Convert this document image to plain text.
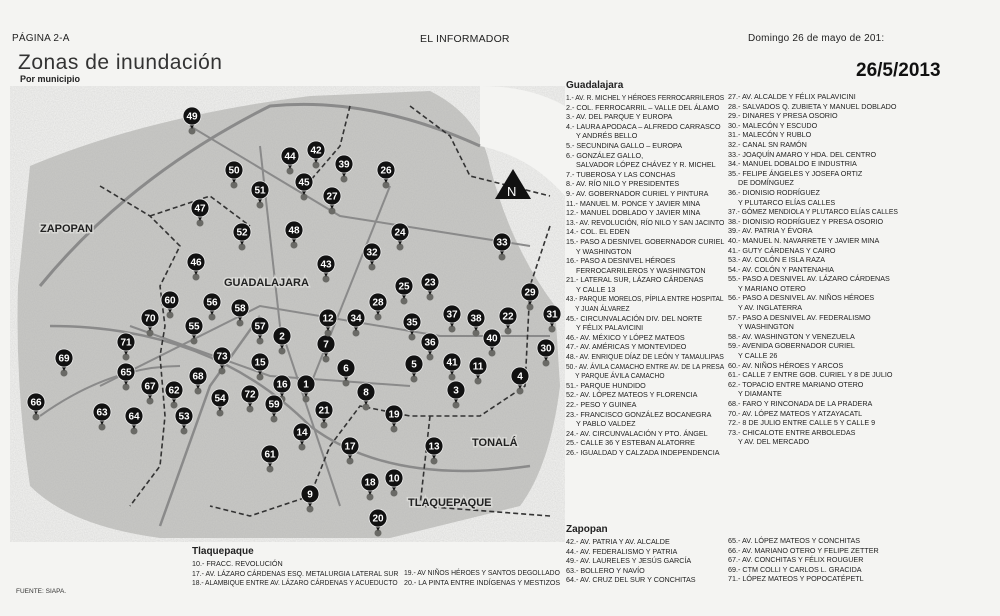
PÁGINA 2-A	EL INFORMADOR	Domingo 26 de mayo de 201:
Zonas de inundación
Por municipio	26/5/2013
ZAPOPAN
GUADALAJARA
TONALÁ
TLAQUEPAQUE
N
1
2
3
4
5
6
7
8
9
10
11
12
13
14
15
16
17
18
19
20
21
22
23
24
25
26
27
28
29
30
31
32
33
34	35
36
37 38
39
40
41
42
43
44
45
46
47
48
49
50
51
52
53
54
55
56
57
58
59
60
61
62
63 64
65
66
67
68
69
70
71
72
73
Guadalajara
1.- AV. R. MICHEL Y HÉROES FERROCARRILEROS
2.- COL. FERROCARRIL – VALLE DEL ÁLAMO
3.- AV. DEL PARQUE Y EUROPA
4.- LAURA APODACA – ALFREDO CARRASCO
Y ANDRÉS BELLO
5.- SECUNDINA GALLO – EUROPA
6.- GONZÁLEZ GALLO,
SALVADOR LÓPEZ CHÁVEZ Y R. MICHEL
7.- TUBEROSA Y LAS CONCHAS
8.- AV. RÍO NILO Y PRESIDENTES
9.- AV. GOBERNADOR CURIEL Y PINTURA
11.- MANUEL M. PONCE Y JAVIER MINA
12.- MANUEL DOBLADO Y JAVIER MINA
13.- AV. REVOLUCIÓN, RÍO NILO Y SAN JACINTO
14.- COL. EL EDEN
15.- PASO A DESNIVEL GOBERNADOR CURIEL
Y WASHINGTON
16.- PASO A DESNIVEL HÉROES
FERROCARRILEROS Y WASHINGTON
21.- LATERAL SUR, LÁZARO CÁRDENAS
Y CALLE 13
43.- PARQUE MORELOS, PÍPILA ENTRE HOSPITAL
Y JUAN ÁLVAREZ
45.- CIRCUNVALACIÓN DIV. DEL NORTE
Y FÉLIX PALAVICINI
46.- AV. MÉXICO Y LÓPEZ MATEOS
47.- AV. AMÉRICAS Y MONTEVIDEO
48.- AV. ENRIQUE DÍAZ DE LEÓN Y TAMAULIPAS
50.- AV. ÁVILA CAMACHO ENTRE AV. DE LA PRESA
Y PARQUE ÁVILA CAMACHO
51.- PARQUE HUNDIDO
52.- AV. LÓPEZ MATEOS Y FLORENCIA
22.- PESO Y GUINEA
23.- FRANCISCO GONZÁLEZ BOCANEGRA
Y PABLO VALDEZ
24.- AV. CIRCUNVALACIÓN Y PTO. ÁNGEL
25.- CALLE 36 Y ESTEBAN ALATORRE
26.- IGUALDAD Y CALZADA INDEPENDENCIA
27.- AV. ALCALDE Y FÉLIX PALAVICINI
28.- SALVADOS Q. ZUBIETA Y MANUEL DOBLADO
29.- DINARES Y PRESA OSORIO
30.- MALECÓN Y ESCUDO
31.- MALECÓN Y RUBLO
32.- CANAL SN RAMÓN
33.- JOAQUÍN AMARO Y HDA. DEL CENTRO
34.- MANUEL DOBALDO E INDUSTRIA
35.- FELIPE ÁNGELES Y JOSEFA ORTIZ
DE DOMÍNGUEZ
36.- DIONISIO RODRÍGUEZ
Y PLUTARCO ELÍAS CALLES
37.- GÓMEZ MENDIOLA Y PLUTARCO ELÍAS CALLES
38.- DIONISIO RODRÍGUEZ Y PRESA OSORIO
39.- AV. PATRIA Y ÉVORA
40.- MANUEL N. NAVARRETE Y JAVIER MINA
41.- GUTY CÁRDENAS Y CAIRO
53.- AV. COLÓN E ISLA RAZA
54.- AV. COLÓN Y PANTENAHIA
55.- PASO A DESNIVEL AV. LÁZARO CÁRDENAS
Y MARIANO OTERO
56.- PASO A DESNIVEL AV. NIÑOS HÉROES
Y AV. INGLATERRA
57.- PASO A DESNIVEL AV. FEDERALISMO
Y WASHINGTON
58.- AV. WASHINGTON Y VENEZUELA
59.- AVENIDA GOBERNADOR CURIEL
Y CALLE 26
60.- AV. NIÑOS HÉROES Y ARCOS
61.- CALLE 7 ENTRE GOB. CURIEL Y 8 DE JULIO
62.- TOPACIO ENTRE MARIANO OTERO
Y DIAMANTE
68.- FARO Y RINCONADA DE LA PRADERA
70.- AV. LÓPEZ MATEOS Y ATZAYACATL
72.- 8 DE JULIO ENTRE CALLE 5 Y CALLE 9
73.- CHICALOTE ENTRE ARBOLEDAS
Y AV. DEL MERCADO
Zapopan
42.- AV. PATRIA Y AV. ALCALDE
44.- AV. FEDERALISMO Y PATRIA
49.- AV. LAURELES Y JESÚS GARCÍA
63.- BOLLERO Y NAVÍO
64.- AV. CRUZ DEL SUR Y CONCHITAS
65.- AV. LÓPEZ MATEOS Y CONCHITAS
66.- AV. MARIANO OTERO Y FELIPE ZETTER
67.- AV. CONCHITAS Y FÉLIX ROUGUER
69.- CTM COLLI Y CARLOS L. GRACIDA
71.- LÓPEZ MATEOS Y POPOCATÉPETL
Tlaquepaque
10.- FRACC. REVOLUCIÓN
17.- AV. LÁZARO CÁRDENAS ESQ. METALURGIA LATERAL SUR
18.- ALAMBIQUE ENTRE AV. LÁZARO CÁRDENAS Y ACUEDUCTO
19.- AV NIÑOS HÉROES Y SANTOS DEGOLLADO
20.- LA PINTA ENTRE INDÍGENAS Y MESTIZOS
FUENTE: SIAPA.
